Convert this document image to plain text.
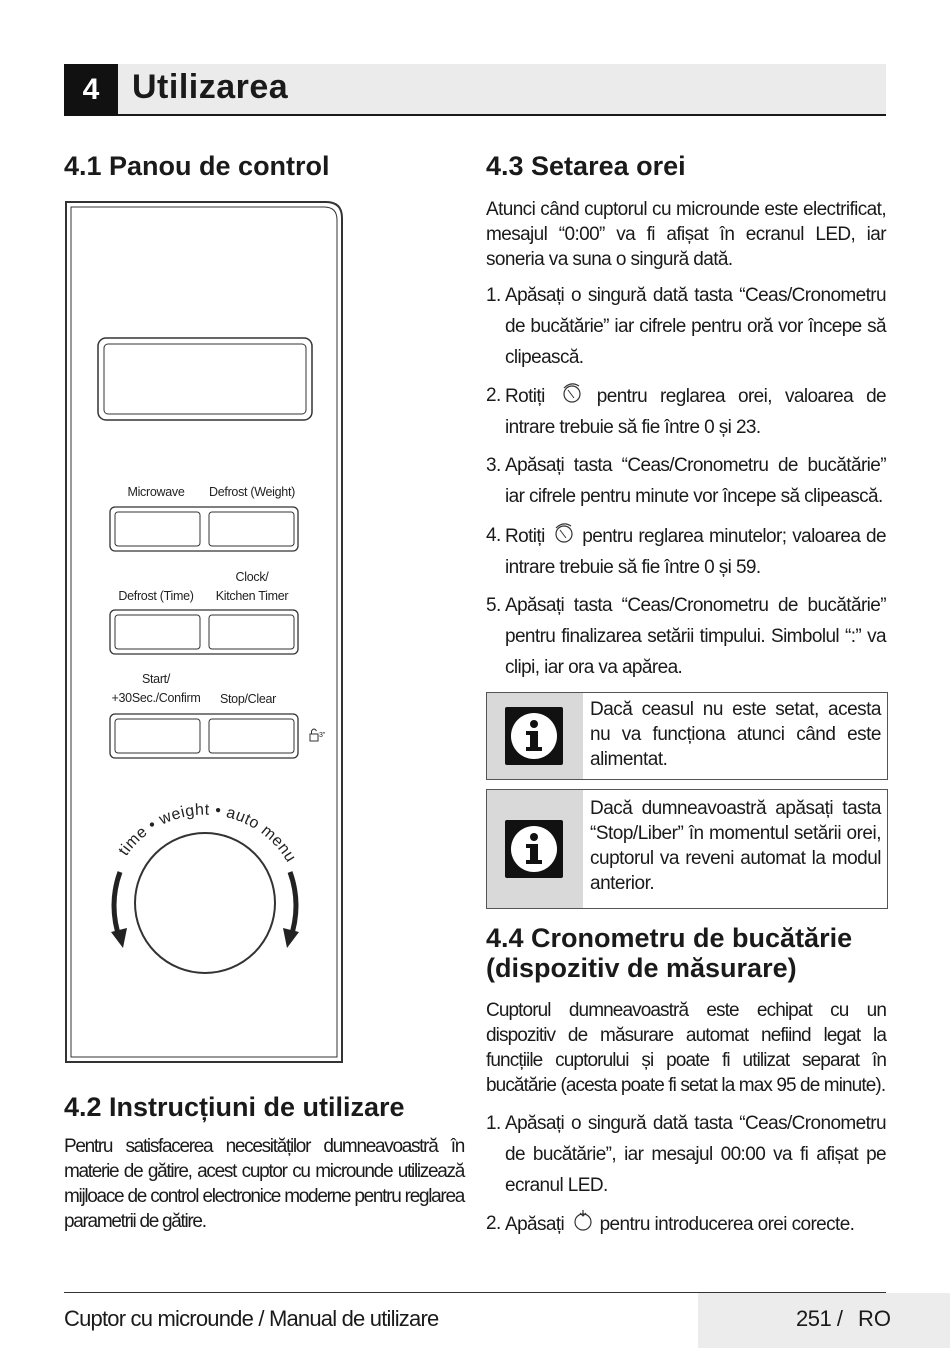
4 Utilizarea
4.1 Panou de control
time • weight • auto menu
Microwave	Defrost (Weight)
Defrost (Time)
Clock/
Kitchen Timer
Start/
+30Sec./Confirm	Stop/Clear
3"
4.2 Instrucțiuni de utilizare
Pentru satisfacerea necesităților dumneavoastră în materie de gătire, acest cuptor cu microunde utilizează mijloace de control electronice moderne pentru reglarea parametrii de gătire.
4.3 Setarea orei
Atunci când cuptorul cu microunde este electrificat, mesajul “0:00” va fi afișat în ecranul LED, iar soneria va suna o singură dată.
1. Apăsați o singură dată tasta “Ceas/Cronometru de bucătărie” iar cifrele pentru oră vor începe să clipească.
2. Rotiți	pentru reglarea orei, valoarea de intrare trebuie să fie între 0 și 23.
3. Apăsați tasta “Ceas/Cronometru de bucătărie” iar cifrele pentru minute vor începe să clipească.
4. Rotiți pentru reglarea minutelor; valoarea de intrare trebuie să fie între 0 și 59.
5. Apăsați tasta “Ceas/Cronometru de bucătărie” pentru finalizarea setării timpului. Simbolul “:” va clipi, iar ora va apărea.
Dacă ceasul nu este setat, acesta nu va funcționa atunci când este alimentat.
Dacă dumneavoastră apăsați tasta “Stop/Liber” în momentul setării orei, cuptorul va reveni automat la modul anterior.
4.4 Cronometru de bucătărie
(dispozitiv de măsurare)
Cuptorul dumneavoastră este echipat cu un dispozitiv de măsurare automat nefiind legat la funcțiile cuptorului și poate fi utilizat separat în bucătărie (acesta poate fi setat la max 95 de minute).
1. Apăsați o singură dată tasta “Ceas/Cronometru de bucătărie”, iar mesajul 00:00 va fi afișat pe ecranul LED.
2. Apăsați pentru introducerea orei corecte.
Cuptor cu microunde / Manual de utilizare	251 / RO
